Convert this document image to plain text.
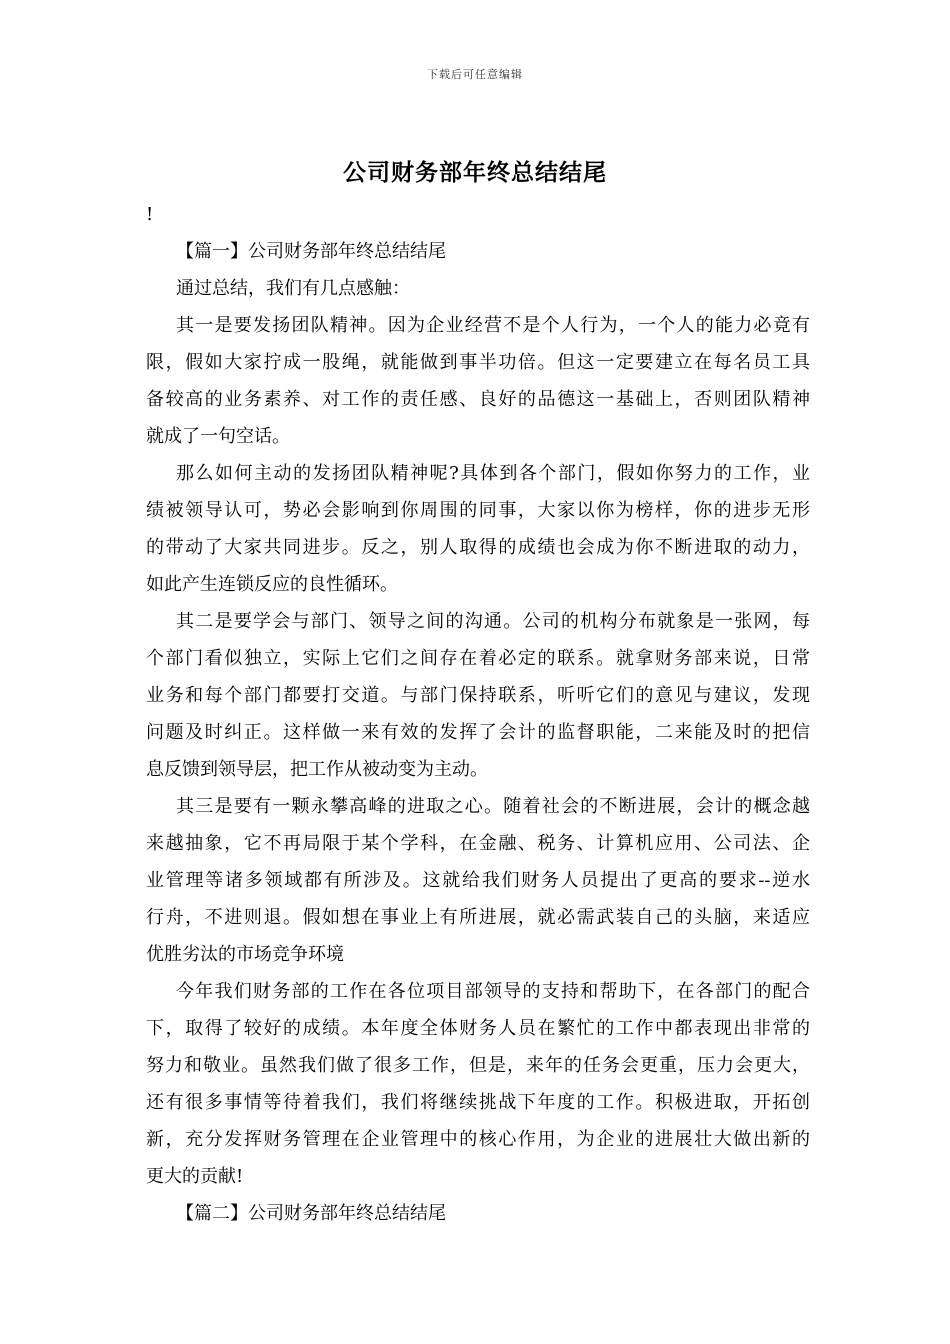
下载后可任意编辑
公司财务部年终总结结尾
!
【篇一】公司财务部年终总结结尾
通过总结，我们有几点感触：
其一是要发扬团队精神。因为企业经营不是个人行为，一个人的能力必竟有
限，假如大家拧成一股绳，就能做到事半功倍。但这一定要建立在每名员工具
备较高的业务素养、对工作的责任感、良好的品德这一基础上，否则团队精神
就成了一句空话。
那么如何主动的发扬团队精神呢?具体到各个部门，假如你努力的工作，业
绩被领导认可，势必会影响到你周围的同事，大家以你为榜样，你的进步无形
的带动了大家共同进步。反之，别人取得的成绩也会成为你不断进取的动力，
如此产生连锁反应的良性循环。
其二是要学会与部门、领导之间的沟通。公司的机构分布就象是一张网，每
个部门看似独立，实际上它们之间存在着必定的联系。就拿财务部来说，日常
业务和每个部门都要打交道。与部门保持联系，听听它们的意见与建议，发现
问题及时纠正。这样做一来有效的发挥了会计的监督职能，二来能及时的把信
息反馈到领导层，把工作从被动变为主动。
其三是要有一颗永攀高峰的进取之心。随着社会的不断进展，会计的概念越
来越抽象，它不再局限于某个学科，在金融、税务、计算机应用、公司法、企
业管理等诸多领域都有所涉及。这就给我们财务人员提出了更高的要求--逆水
行舟，不进则退。假如想在事业上有所进展，就必需武装自己的头脑，来适应
优胜劣汰的市场竞争环境
今年我们财务部的工作在各位项目部领导的支持和帮助下，在各部门的配合
下，取得了较好的成绩。本年度全体财务人员在繁忙的工作中都表现出非常的
努力和敬业。虽然我们做了很多工作，但是，来年的任务会更重，压力会更大，
还有很多事情等待着我们，我们将继续挑战下年度的工作。积极进取，开拓创
新，充分发挥财务管理在企业管理中的核心作用，为企业的进展壮大做出新的
更大的贡献!
【篇二】公司财务部年终总结结尾
